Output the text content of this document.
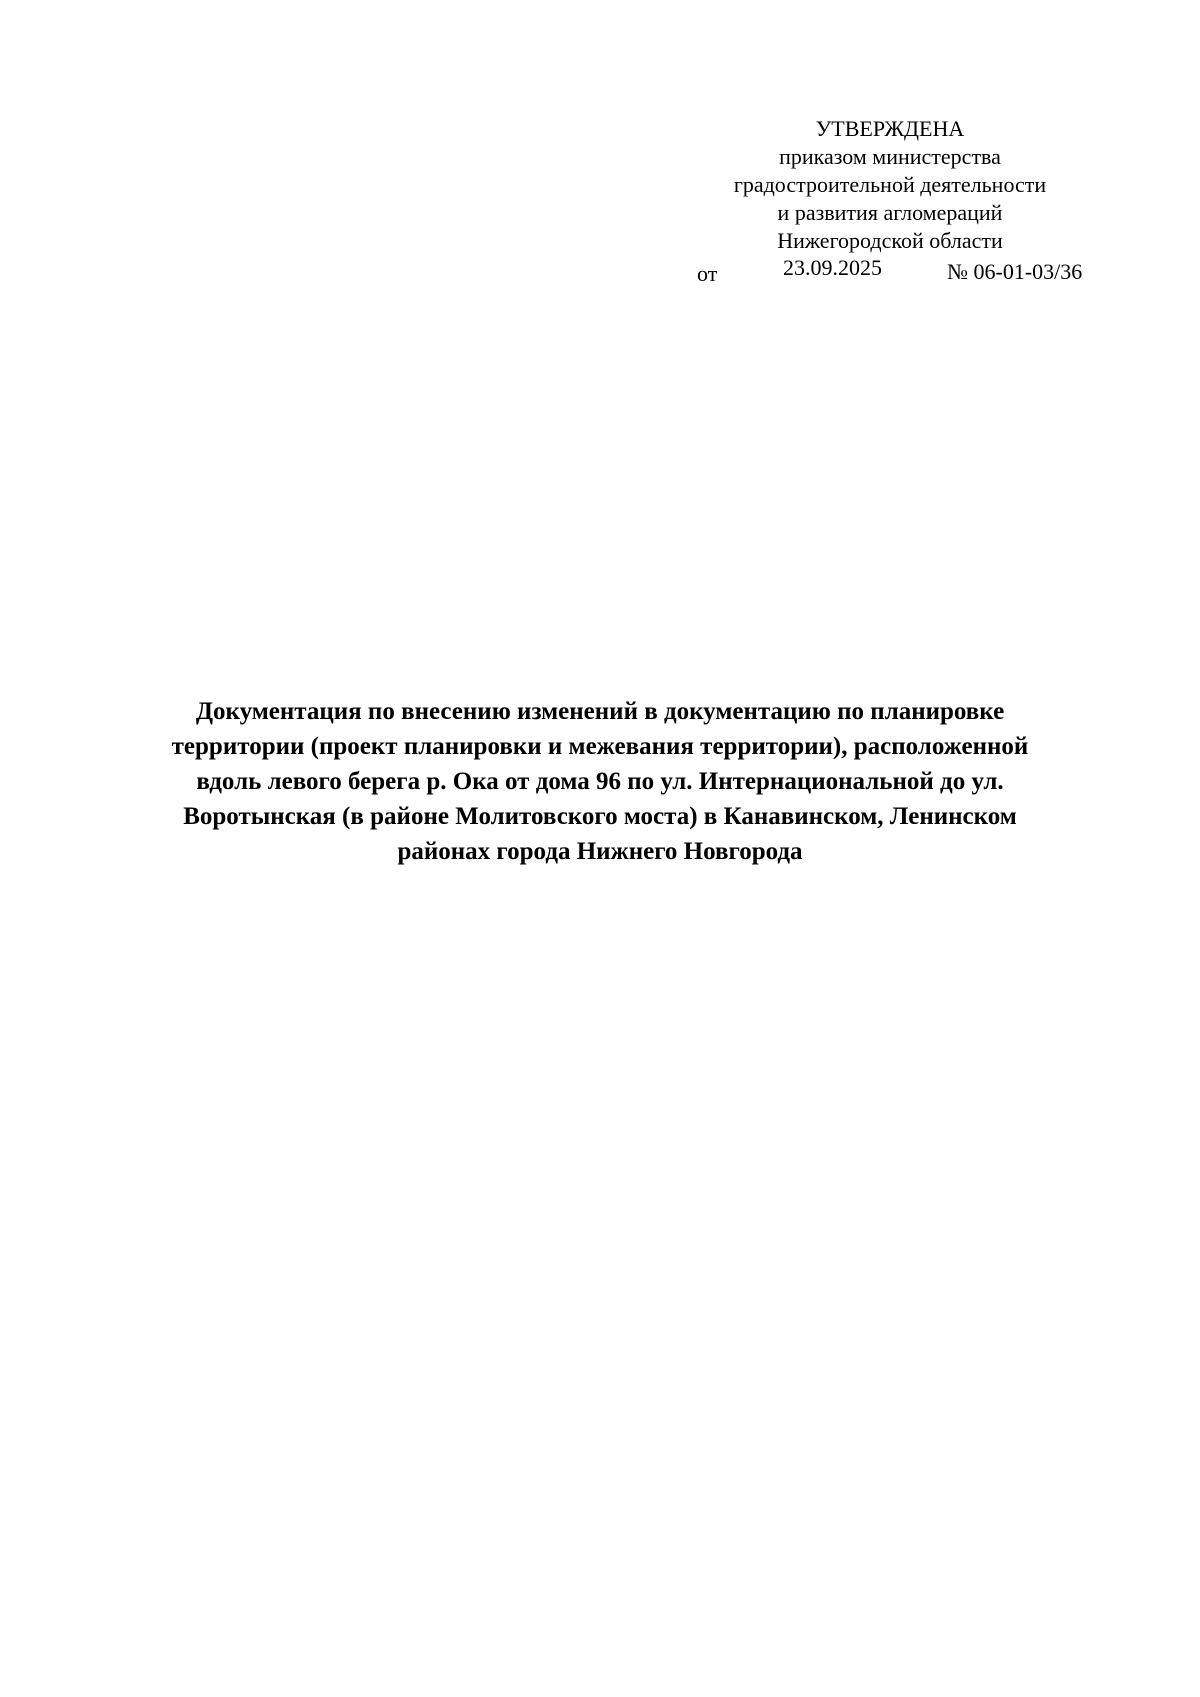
УТВЕРЖДЕНА
приказом министерства
градостроительной деятельности
и развития агломераций
Нижегородской области
от	23.09.2025	№ 06-01-03/36
Документация по внесению изменений в документацию по планировке
территории (проект планировки и межевания территории), расположенной
вдоль левого берега р. Ока от дома 96 по ул. Интернациональной до ул.
Воротынская (в районе Молитовского моста) в Канавинском, Ленинском
районах города Нижнего Новгорода
